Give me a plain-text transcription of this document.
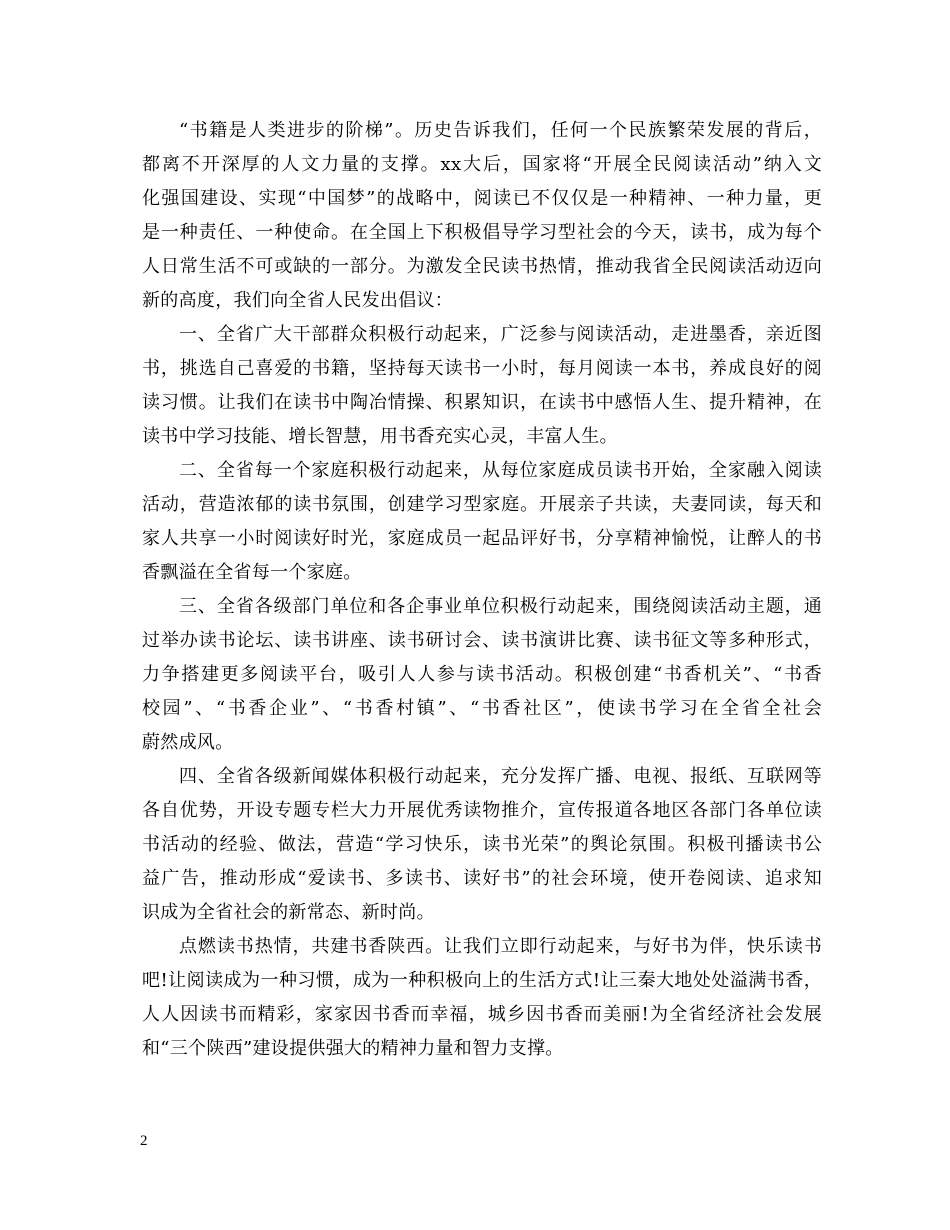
“书籍是人类进步的阶梯”。历史告诉我们，任何一个民族繁荣发展的背后，
都离不开深厚的人文力量的支撑。xx大后，国家将“开展全民阅读活动”纳入文
化强国建设、实现“中国梦”的战略中，阅读已不仅仅是一种精神、一种力量，更
是一种责任、一种使命。在全国上下积极倡导学习型社会的今天，读书，成为每个
人日常生活不可或缺的一部分。为激发全民读书热情，推动我省全民阅读活动迈向
新的高度，我们向全省人民发出倡议：
一、全省广大干部群众积极行动起来，广泛参与阅读活动，走进墨香，亲近图
书，挑选自己喜爱的书籍，坚持每天读书一小时，每月阅读一本书，养成良好的阅
读习惯。让我们在读书中陶冶情操、积累知识，在读书中感悟人生、提升精神，在
读书中学习技能、增长智慧，用书香充实心灵，丰富人生。
二、全省每一个家庭积极行动起来，从每位家庭成员读书开始，全家融入阅读
活动，营造浓郁的读书氛围，创建学习型家庭。开展亲子共读，夫妻同读，每天和
家人共享一小时阅读好时光，家庭成员一起品评好书，分享精神愉悦，让醉人的书
香飘溢在全省每一个家庭。
三、全省各级部门单位和各企事业单位积极行动起来，围绕阅读活动主题，通
过举办读书论坛、读书讲座、读书研讨会、读书演讲比赛、读书征文等多种形式，
力争搭建更多阅读平台，吸引人人参与读书活动。积极创建“书香机关”、“书香
校园”、“书香企业”、“书香村镇”、“书香社区”，使读书学习在全省全社会
蔚然成风。
四、全省各级新闻媒体积极行动起来，充分发挥广播、电视、报纸、互联网等
各自优势，开设专题专栏大力开展优秀读物推介，宣传报道各地区各部门各单位读
书活动的经验、做法，营造“学习快乐，读书光荣”的舆论氛围。积极刊播读书公
益广告，推动形成“爱读书、多读书、读好书”的社会环境，使开卷阅读、追求知
识成为全省社会的新常态、新时尚。
点燃读书热情，共建书香陕西。让我们立即行动起来，与好书为伴，快乐读书
吧!让阅读成为一种习惯，成为一种积极向上的生活方式!让三秦大地处处溢满书香，
人人因读书而精彩，家家因书香而幸福，城乡因书香而美丽!为全省经济社会发展
和“三个陕西”建设提供强大的精神力量和智力支撑。
2
